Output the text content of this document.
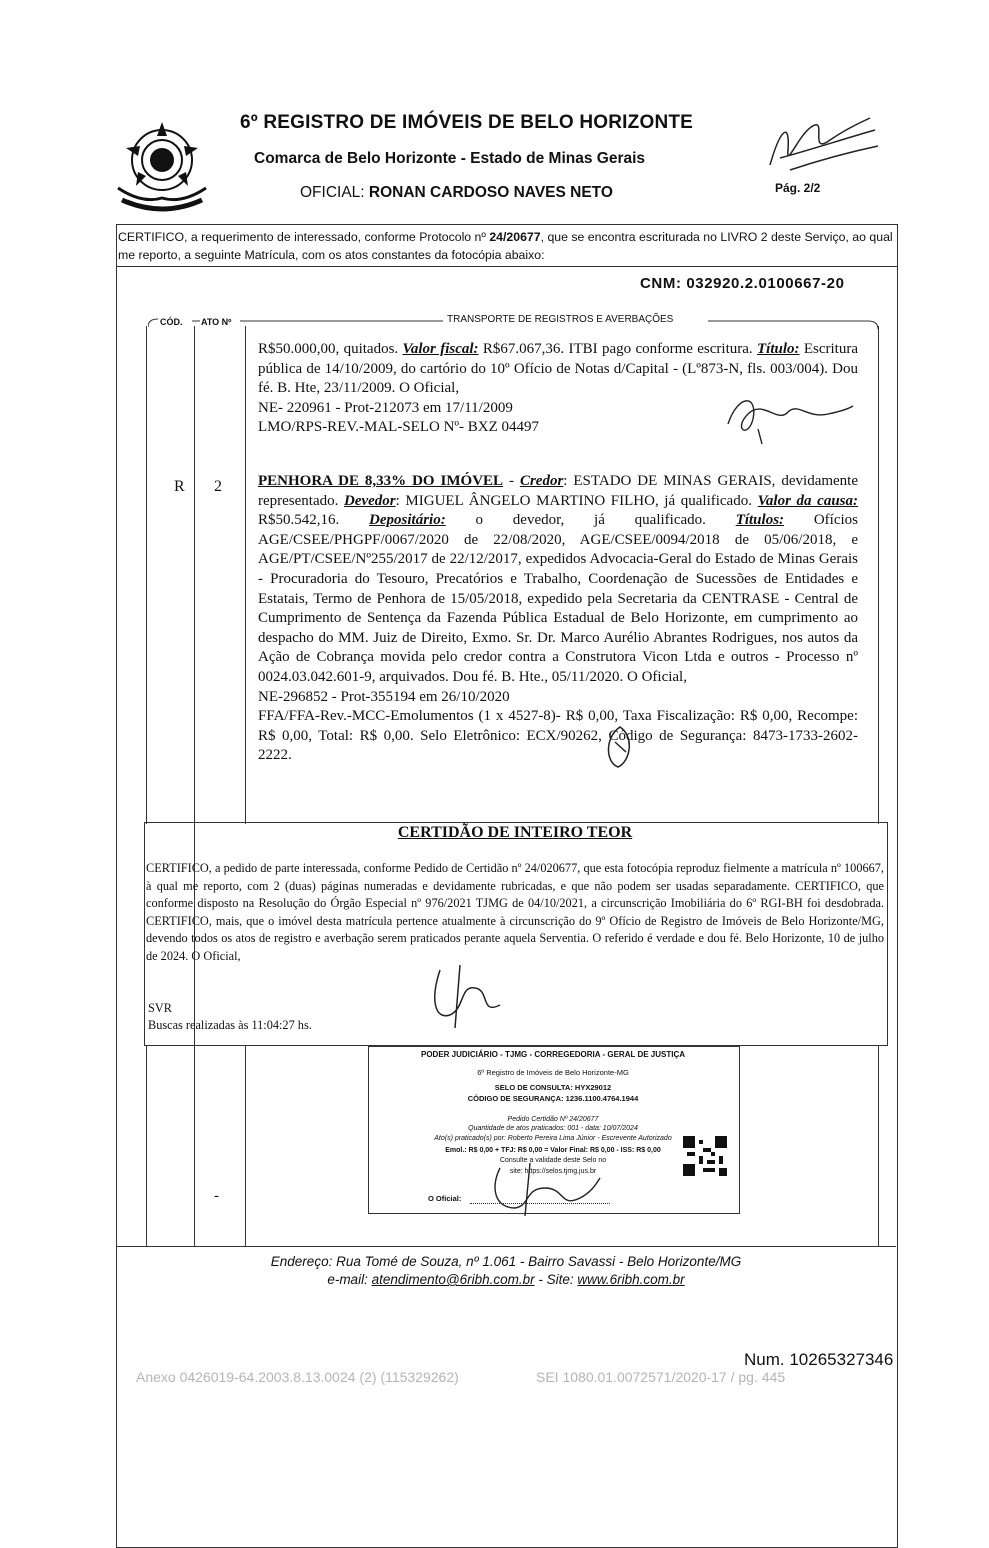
6º REGISTRO DE IMÓVEIS DE BELO HORIZONTE
Comarca de Belo Horizonte - Estado de Minas Gerais
OFICIAL: RONAN CARDOSO NAVES NETO	Pág. 2/2
CERTIFICO, a requerimento de interessado, conforme Protocolo nº 24/20677, que se encontra escriturada no LIVRO 2 deste Serviço, ao qual me reporto, a seguinte Matrícula, com os atos constantes da fotocópia abaixo:
CNM: 032920.2.0100667-20
CÓD. ATO Nº	TRANSPORTE DE REGISTROS E AVERBAÇÕES
R$50.000,00, quitados. Valor fiscal: R$67.067,36. ITBI pago conforme escritura. Título: Escritura pública de 14/10/2009, do cartório do 10º Ofício de Notas d/Capital - (Lº873-N, fls. 003/004). Dou fé. B. Hte, 23/11/2009. O Oficial,
NE- 220961 - Prot-212073 em 17/11/2009
LMO/RPS-REV.-MAL-SELO Nº- BXZ 04497
R 2 PENHORA DE 8,33% DO IMÓVEL - Credor: ESTADO DE MINAS GERAIS, devidamente representado. Devedor: MIGUEL ÂNGELO MARTINO FILHO, já qualificado. Valor da causa: R$50.542,16. Depositário: o devedor, já qualificado. Títulos: Ofícios AGE/CSEE/PHGPF/0067/2020 de 22/08/2020, AGE/CSEE/0094/2018 de 05/06/2018, e AGE/PT/CSEE/Nº255/2017 de 22/12/2017, expedidos Advocacia-Geral do Estado de Minas Gerais - Procuradoria do Tesouro, Precatórios e Trabalho, Coordenação de Sucessões de Entidades e Estatais, Termo de Penhora de 15/05/2018, expedido pela Secretaria da CENTRASE - Central de Cumprimento de Sentença da Fazenda Pública Estadual de Belo Horizonte, em cumprimento ao despacho do MM. Juiz de Direito, Exmo. Sr. Dr. Marco Aurélio Abrantes Rodrigues, nos autos da Ação de Cobrança movida pelo credor contra a Construtora Vicon Ltda e outros - Processo nº 0024.03.042.601-9, arquivados. Dou fé. B. Hte., 05/11/2020. O Oficial,
NE-296852 - Prot-355194 em 26/10/2020
FFA/FFA-Rev.-MCC-Emolumentos (1 x 4527-8)- R$ 0,00, Taxa Fiscalização: R$ 0,00, Recompe: R$ 0,00, Total: R$ 0,00. Selo Eletrônico: ECX/90262, Código de Segurança: 8473-1733-2602-2222.
CERTIDÃO DE INTEIRO TEOR
CERTIFICO, a pedido de parte interessada, conforme Pedido de Certidão nº 24/020677, que esta fotocópia reproduz fielmente a matrícula nº 100667, à qual me reporto, com 2 (duas) páginas numeradas e devidamente rubricadas, e que não podem ser usadas separadamente. CERTIFICO, que conforme disposto na Resolução do Órgão Especial nº 976/2021 TJMG de 04/10/2021, a circunscrição Imobiliária do 6º RGI-BH foi desdobrada. CERTIFICO, mais, que o imóvel desta matrícula pertence atualmente à circunscrição do 9º Ofício de Registro de Imóveis de Belo Horizonte/MG, devendo todos os atos de registro e averbação serem praticados perante aquela Serventia. O referido é verdade e dou fé. Belo Horizonte, 10 de julho de 2024. O Oficial,
SVR
Buscas realizadas às 11:04:27 hs.
PODER JUDICIÁRIO - TJMG - CORREGEDORIA - GERAL DE JUSTIÇA
6º Registro de Imóveis de Belo Horizonte-MG
SELO DE CONSULTA: HYX29012
CÓDIGO DE SEGURANÇA: 1236.1100.4764.1944
Pedido Certidão Nº 24/20677
Quantidade de atos praticados: 001 - data: 10/07/2024
Ato(s) praticado(s) por: Roberto Pereira Lima Júnior - Escrevente Autorizado
Emol.: R$ 0,00 + TFJ: R$ 0,00 = Valor Final: R$ 0,00 - ISS: R$ 0,00
Consulte a validade deste Selo no
site: https://selos.tjmg.jus.br
O Oficial:
-
Endereço: Rua Tomé de Souza, nº 1.061 - Bairro Savassi - Belo Horizonte/MG
e-mail: atendimento@6ribh.com.br - Site: www.6ribh.com.br
Num. 10265327346
Anexo 0426019-64.2003.8.13.0024 (2) (115329262)	SEI 1080.01.0072571/2020-17 / pg. 445
